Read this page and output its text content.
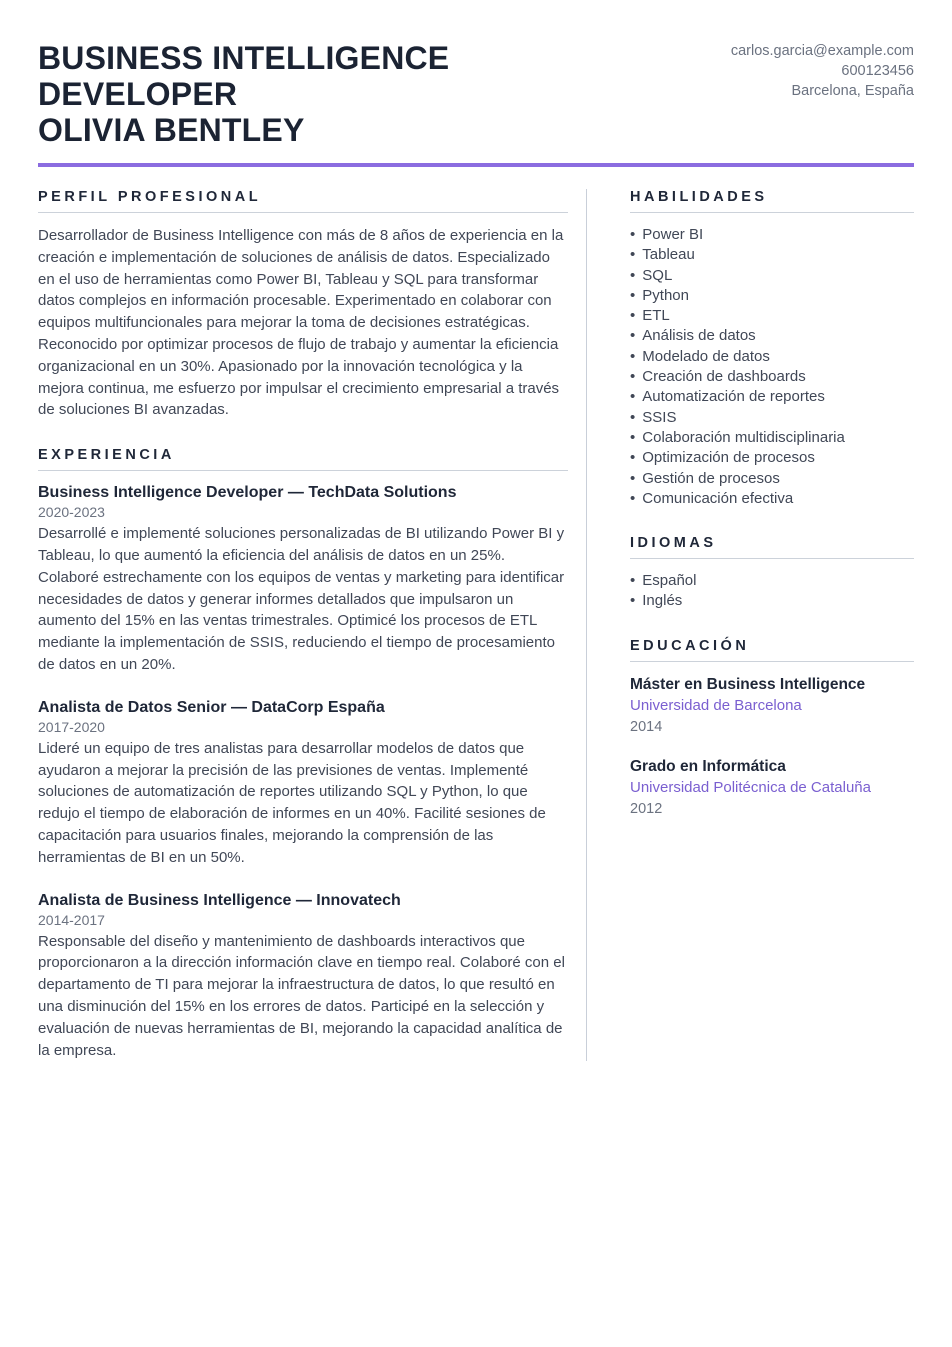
BUSINESS INTELLIGENCE
DEVELOPER
OLIVIA BENTLEY
carlos.garcia@example.com
600123456
Barcelona, España
PERFIL PROFESIONAL

Desarrollador de Business Intelligence con más de 8 años de experiencia en la creación e implementación de soluciones de análisis de datos. Especializado en el uso de herramientas como Power BI, Tableau y SQL para transformar datos complejos en información procesable. Experimentado en colaborar con equipos multifuncionales para mejorar la toma de decisiones estratégicas. Reconocido por optimizar procesos de flujo de trabajo y aumentar la eficiencia organizacional en un 30%. Apasionado por la innovación tecnológica y la mejora continua, me esfuerzo por impulsar el crecimiento empresarial a través de soluciones BI avanzadas.

EXPERIENCIA
Business Intelligence Developer — TechData Solutions
2020-2023

Desarrollé e implementé soluciones personalizadas de BI utilizando Power BI y Tableau, lo que aumentó la eficiencia del análisis de datos en un 25%. Colaboré estrechamente con los equipos de ventas y marketing para identificar necesidades de datos y generar informes detallados que impulsaron un aumento del 15% en las ventas trimestrales. Optimicé los procesos de ETL mediante la implementación de SSIS, reduciendo el tiempo de procesamiento de datos en un 20%.

Analista de Datos Senior — DataCorp España
2017-2020

Lideré un equipo de tres analistas para desarrollar modelos de datos que ayudaron a mejorar la precisión de las previsiones de ventas. Implementé soluciones de automatización de reportes utilizando SQL y Python, lo que redujo el tiempo de elaboración de informes en un 40%. Facilité sesiones de capacitación para usuarios finales, mejorando la comprensión de las herramientas de BI en un 50%.

Analista de Business Intelligence — Innovatech
2014-2017

Responsable del diseño y mantenimiento de dashboards interactivos que proporcionaron a la dirección información clave en tiempo real. Colaboré con el departamento de TI para mejorar la infraestructura de datos, lo que resultó en una disminución del 15% en los errores de datos. Participé en la selección y evaluación de nuevas herramientas de BI, mejorando la capacidad analítica de la empresa.

HABILIDADES
• Power BI
• Tableau
• SQL
• Python
• ETL
• Análisis de datos
• Modelado de datos
• Creación de dashboards
• Automatización de reportes
• SSIS
• Colaboración multidisciplinaria
• Optimización de procesos
• Gestión de procesos
• Comunicación efectiva
IDIOMAS
• Español
• Inglés
EDUCACIÓN
Máster en Business Intelligence
Universidad de Barcelona
2014
Grado en Informática
Universidad Politécnica de Cataluña
2012
